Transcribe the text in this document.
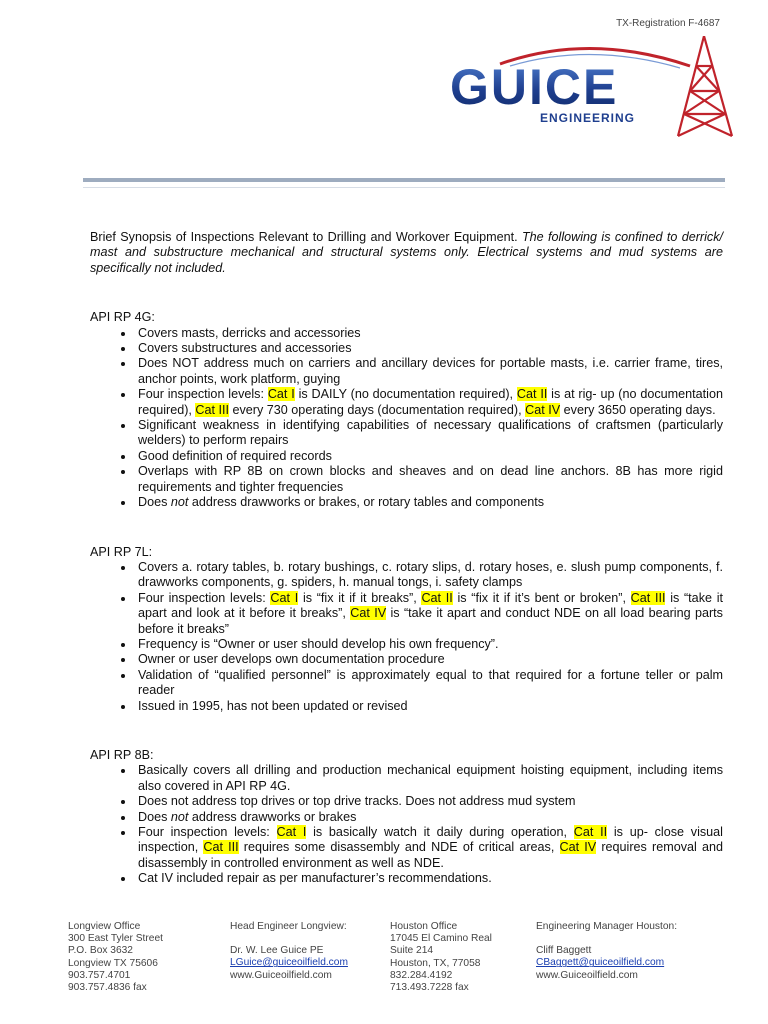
TX-Registration F-4687
GUICE
ENGINEERING

Brief Synopsis of Inspections Relevant to Drilling and Workover Equipment. The following is confined to derrick/ mast and substructure mechanical and structural systems only. Electrical systems and mud systems are specifically not included.

API RP 4G:

• Covers masts, derricks and accessories
• Covers substructures and accessories
• Does NOT address much on carriers and ancillary devices for portable masts, i.e. carrier frame, tires, anchor points, work platform, guying
• Four inspection levels: Cat I is DAILY (no documentation required), Cat II is at rig- up (no documentation required), Cat III every 730 operating days (documentation required), Cat IV every 3650 operating days.
• Significant weakness in identifying capabilities of necessary qualifications of craftsmen (particularly welders) to perform repairs
• Good definition of required records
• Overlaps with RP 8B on crown blocks and sheaves and on dead line anchors. 8B has more rigid requirements and tighter frequencies
• Does not address drawworks or brakes, or rotary tables and components

API RP 7L:

• Covers a. rotary tables, b. rotary bushings, c. rotary slips, d. rotary hoses, e. slush pump components, f. drawworks components, g. spiders, h. manual tongs, i. safety clamps
• Four inspection levels: Cat I is “fix it if it breaks”, Cat II is “fix it if it’s bent or broken”, Cat III is “take it apart and look at it before it breaks”, Cat IV is “take it apart and conduct NDE on all load bearing parts before it breaks”
• Frequency is “Owner or user should develop his own frequency”.
• Owner or user develops own documentation procedure
• Validation of “qualified personnel” is approximately equal to that required for a fortune teller or palm reader
• Issued in 1995, has not been updated or revised

API RP 8B:

• Basically covers all drilling and production mechanical equipment hoisting equipment, including items also covered in API RP 4G.
• Does not address top drives or top drive tracks. Does not address mud system
• Does not address drawworks or brakes
• Four inspection levels: Cat I is basically watch it daily during operation, Cat II is up- close visual inspection, Cat III requires some disassembly and NDE of critical areas, Cat IV requires removal and disassembly in controlled environment as well as NDE.
• Cat IV included repair as per manufacturer’s recommendations.
Longview Office
300 East Tyler Street
P.O. Box 3632
Longview TX 75606
903.757.4701
903.757.4836 fax
Head Engineer Longview:
Dr. W. Lee Guice PE
LGuice@guiceoilfield.com
www.Guiceoilfield.com
Houston Office
17045 El Camino Real
Suite 214
Houston, TX, 77058
832.284.4192
713.493.7228 fax
Engineering Manager Houston:
Cliff Baggett
CBaggett@guiceoilfield.com
www.Guiceoilfield.com
